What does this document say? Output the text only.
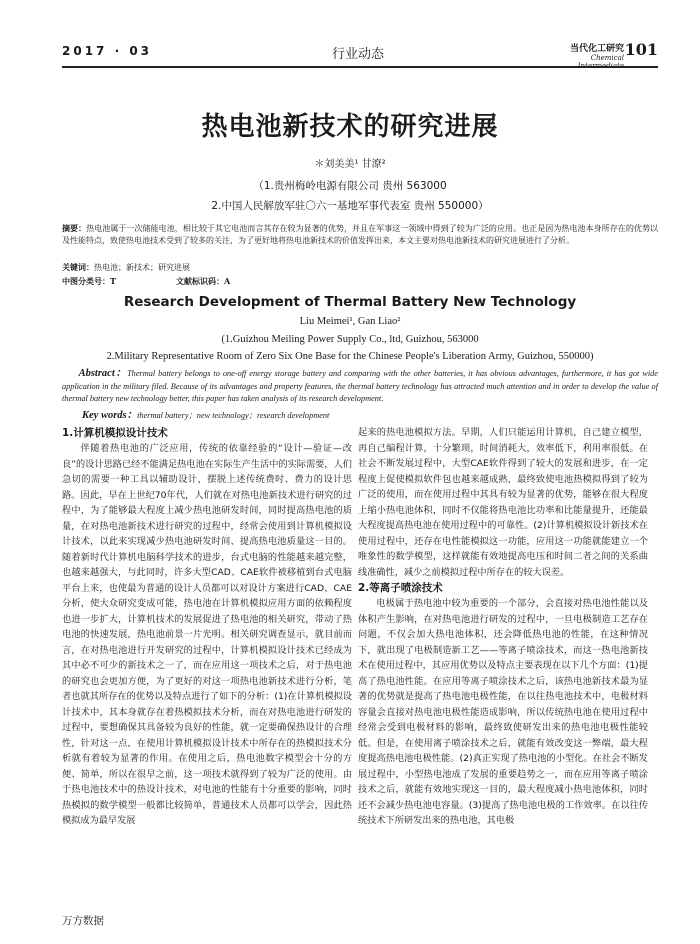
2017 · 03	行业动态	当代化工研究
Chemical Intermediate
101
热电池新技术的研究进展
＊刘美美¹ 甘潦²
（1.贵州梅岭电源有限公司 贵州 563000
2.中国人民解放军驻〇六一基地军事代表室 贵州 550000）
摘要：热电池属于一次储能电池，相比较于其它电池而言其存在较为显著的优势，并且在军事这一领域中得到了较为广泛的应用。也正是因为热电池本身所存在的优势以及性能特点，致使热电池技术受到了较多的关注，为了更好地将热电池新技术的价值发挥出来，本文主要对热电池新技术的研究进展进行了分析。
关键词：热电池；新技术；研究进展
中图分类号：T	文献标识码：A
Research Development of Thermal Battery New Technology
Liu Meimei¹, Gan Liao²
(1.Guizhou Meiling Power Supply Co., ltd, Guizhou, 563000
2.Military Representative Room of Zero Six One Base for the Chinese People's Liberation Army, Guizhou, 550000)
  Abstract：Thermal battery belongs to one-off energy storage battery and comparing with the other batteries, it has obvious advantages, furthermore, it has got wide application in the military filed. Because of its advantages and property features, the thermal battery technology has attracted much attention and in order to develop the value of thermal battery new technology better, this paper has taken analysis of its research development.
Key words：thermal battery；new technology；research development
1.计算机模拟设计技术

伴随着热电池的广泛应用，传统的依靠经验的“设计—验证—改良”的设计思路已经不能满足热电池在实际生产生活中的实际需要，人们急切的需要一种工具以辅助设计，摆脱上述传统费时、费力的设计思路。因此，早在上世纪70年代，人们就在对热电池新技术进行研究的过程中，为了能够最大程度上减少热电池研发时间，同时提高热电池的质量，在对热电池新技术进行研究的过程中，经常会使用到计算机模拟设计技术，以此来实现减少热电池研发时间、提高热电池质量这一目的。随着新时代计算机电脑科学技术的进步，台式电脑的性能越来越完整，也越来越强大，与此同时，许多大型CAD、CAE软件被移植到台式电脑平台上来，也使最为普通的设计人员都可以对设计方案进行CAD、CAE分析，使大众研究变成可能，热电池在计算机模拟应用方面的依赖程度也进一步扩大，计算机技术的发展促进了热电池的相关研究，带动了热电池的快速发展，热电池前景一片光明。相关研究调查显示，就目前而言，在对热电池进行开发研究的过程中，计算机模拟设计技术已经成为其中必不可少的新技术之一了，而在应用这一项技术之后，对于热电池的研究也会更加方便，为了更好的对这一项热电池新技术进行分析，笔者也就其所存在的优势以及特点进行了如下的分析：(1)在计算机模拟设计技术中，其本身就存在着热模拟技术分析，而在对热电池进行研发的过程中，要想确保其具备较为良好的性能，就一定要确保热设计的合理性，针对这一点，在使用计算机模拟设计技术中所存在的热模拟技术分析就有着较为显著的作用。在使用之后，热电池数字模型会十分的方便、简单，所以在很早之前，这一项技术就得到了较为广泛的使用。由于热电池技术中的热设计技术，对电池的性能有十分重要的影响，同时热模拟的数学模型一般都比较简单，普通技术人员都可以学会，因此热模拟成为最早发展

起来的热电池模拟方法。早期，人们只能运用计算机，自己建立模型，再自己编程计算，十分繁琐，时间消耗大，效率低下，利用率很低。在社会不断发展过程中，大型CAE软件得到了较大的发展和进步，在一定程度上促使模拟软件包也越来越成熟，最终致使电池热模拟得到了较为广泛的使用，而在使用过程中其具有较为显著的优势，能够在很大程度上缩小热电池体积，同时不仅能将热电池比功率和比能量提升，还能最大程度提高热电池在使用过程中的可靠性。(2)计算机模拟设计新技术在使用过程中，还存在电性能模拟这一功能，应用这一功能就能建立一个唯象性的数学模型，这样就能有效地提高电压和时间二者之间的关系曲线准确性，减少之前模拟过程中所存在的较大误差。

2.等离子喷涂技术

电极属于热电池中较为重要的一个部分，会直接对热电池性能以及体积产生影响，在对热电池进行研发的过程中，一旦电极制造工艺存在问题，不仅会加大热电池体积，还会降低热电池的性能，在这种情况下，就出现了电极制造新工艺——等离子喷涂技术，而这一热电池新技术在使用过程中，其应用优势以及特点主要表现在以下几个方面：(1)提高了热电池性能。在应用等离子喷涂技术之后，该热电池新技术最为显著的优势就是提高了热电池电极性能，在以往热电池技术中，电极材料容量会直接对热电池电极性能造成影响，所以传统热电池在使用过程中经常会受到电极材料的影响，最终致使研发出来的热电池电极性能较低。但是，在使用离子喷涂技术之后，就能有效改变这一弊端，最大程度提高热电池电极性能。(2)真正实现了热电池的小型化。在社会不断发展过程中，小型热电池成了发展的重要趋势之一，而在应用等离子喷涂技术之后，就能有效地实现这一目的，最大程度减小热电池体积，同时还不会减少热电池电容量。(3)提高了热电池电极的工作效率。在以往传统技术下所研发出来的热电池，其电极

万方数据
